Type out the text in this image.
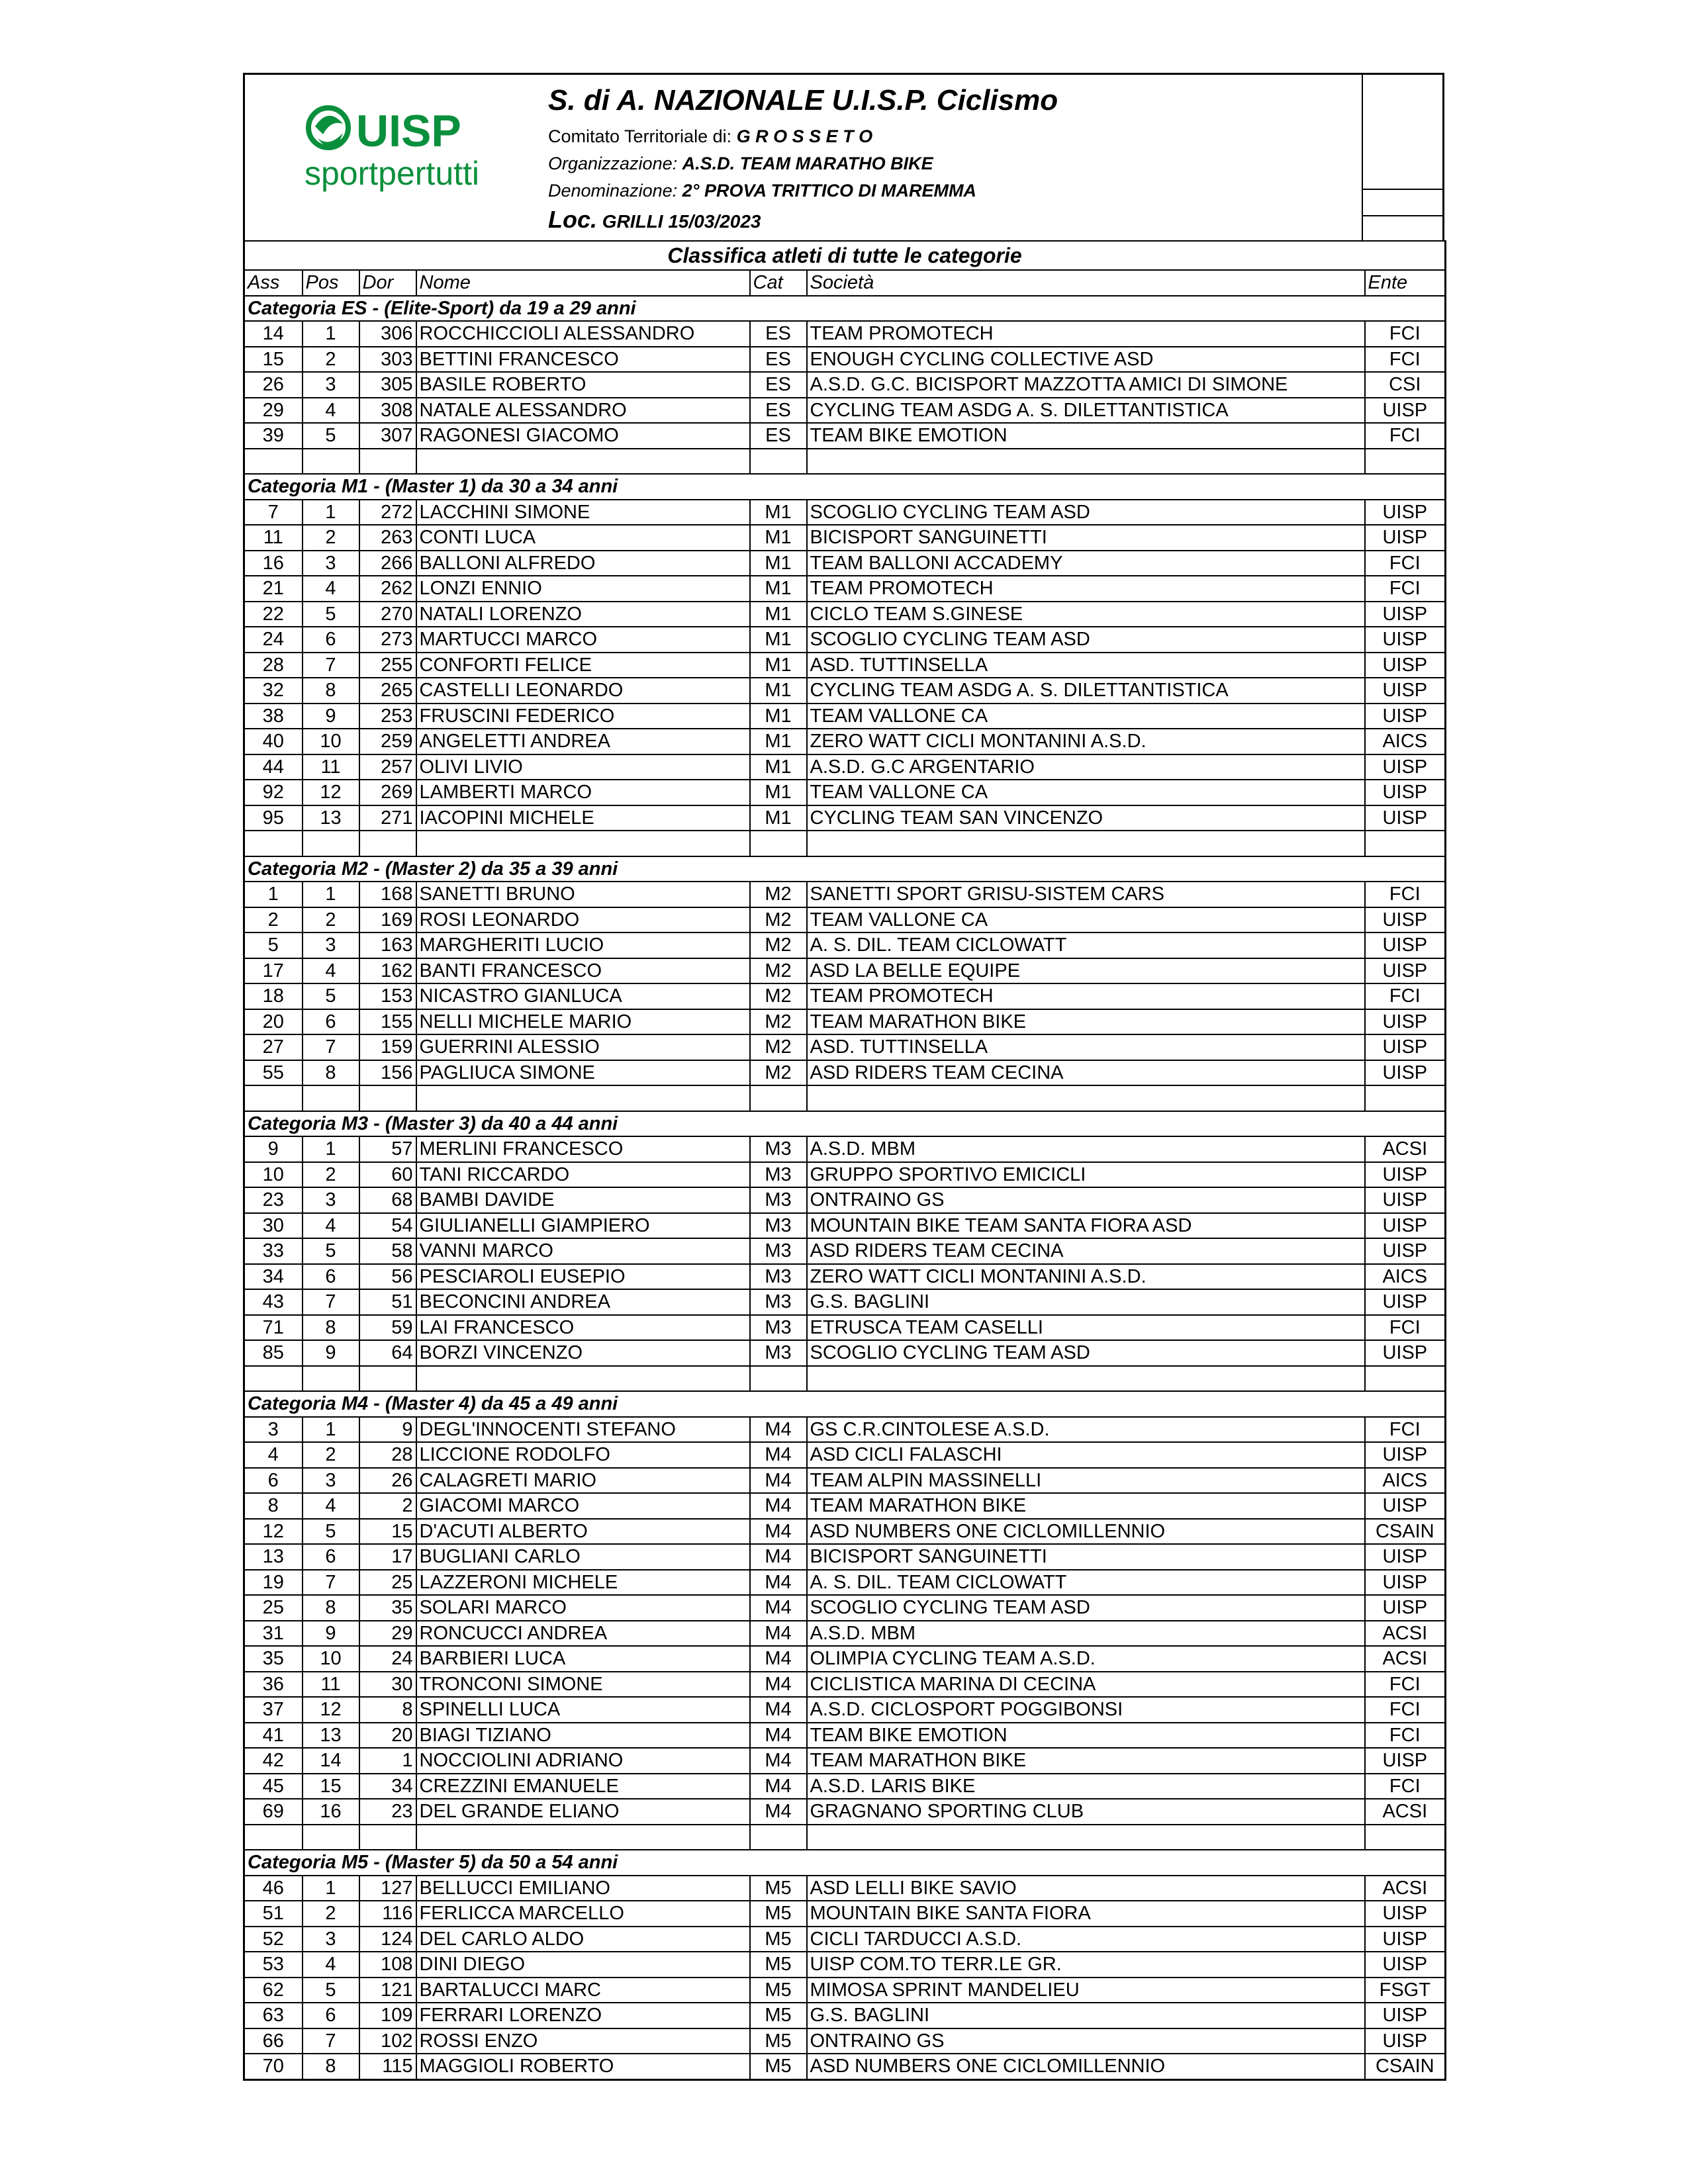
UISP
sportpertutti
S. di A. NAZIONALE U.I.S.P. Ciclismo
Comitato Territoriale di: G R O S S E T O
Organizzazione: A.S.D. TEAM MARATHO BIKE
Denominazione: 2° PROVA TRITTICO DI MAREMMA
Loc. GRILLI 15/03/2023
Classifica atleti di tutte le categorie						
Ass	Pos	Dor	Nome	Cat	Società	Ente
Categoria ES - (Elite-Sport) da 19 a 29 anni						
14	1	306	ROCCHICCIOLI ALESSANDRO	ES	TEAM PROMOTECH	FCI
15	2	303	BETTINI FRANCESCO	ES	ENOUGH CYCLING COLLECTIVE ASD	FCI
26	3	305	BASILE ROBERTO	ES	A.S.D. G.C. BICISPORT MAZZOTTA AMICI DI SIMONE	CSI
29	4	308	NATALE ALESSANDRO	ES	CYCLING TEAM ASDG A. S. DILETTANTISTICA	UISP
39	5	307	RAGONESI GIACOMO	ES	TEAM BIKE EMOTION	FCI

Categoria M1 - (Master 1) da 30 a 34 anni						
7	1	272	LACCHINI SIMONE	M1	SCOGLIO CYCLING TEAM ASD	UISP
11	2	263	CONTI LUCA	M1	BICISPORT SANGUINETTI	UISP
16	3	266	BALLONI ALFREDO	M1	TEAM BALLONI ACCADEMY	FCI
21	4	262	LONZI ENNIO	M1	TEAM PROMOTECH	FCI
22	5	270	NATALI LORENZO	M1	CICLO TEAM S.GINESE	UISP
24	6	273	MARTUCCI MARCO	M1	SCOGLIO CYCLING TEAM ASD	UISP
28	7	255	CONFORTI FELICE	M1	ASD. TUTTINSELLA	UISP
32	8	265	CASTELLI LEONARDO	M1	CYCLING TEAM ASDG A. S. DILETTANTISTICA	UISP
38	9	253	FRUSCINI FEDERICO	M1	TEAM VALLONE CA	UISP
40	10	259	ANGELETTI ANDREA	M1	ZERO WATT CICLI MONTANINI A.S.D.	AICS
44	11	257	OLIVI LIVIO	M1	A.S.D. G.C ARGENTARIO	UISP
92	12	269	LAMBERTI MARCO	M1	TEAM VALLONE CA	UISP
95	13	271	IACOPINI MICHELE	M1	CYCLING TEAM SAN VINCENZO	UISP

Categoria M2 - (Master 2) da 35 a 39 anni						
1	1	168	SANETTI BRUNO	M2	SANETTI SPORT GRISU-SISTEM CARS	FCI
2	2	169	ROSI LEONARDO	M2	TEAM VALLONE CA	UISP
5	3	163	MARGHERITI LUCIO	M2	A. S. DIL. TEAM CICLOWATT	UISP
17	4	162	BANTI FRANCESCO	M2	ASD LA BELLE EQUIPE	UISP
18	5	153	NICASTRO GIANLUCA	M2	TEAM PROMOTECH	FCI
20	6	155	NELLI MICHELE MARIO	M2	TEAM MARATHON BIKE	UISP
27	7	159	GUERRINI ALESSIO	M2	ASD. TUTTINSELLA	UISP
55	8	156	PAGLIUCA SIMONE	M2	ASD RIDERS TEAM CECINA	UISP

Categoria M3 - (Master 3) da 40 a 44 anni						
9	1	57	MERLINI FRANCESCO	M3	A.S.D. MBM	ACSI
10	2	60	TANI RICCARDO	M3	GRUPPO SPORTIVO EMICICLI	UISP
23	3	68	BAMBI DAVIDE	M3	ONTRAINO GS	UISP
30	4	54	GIULIANELLI GIAMPIERO	M3	MOUNTAIN BIKE TEAM SANTA FIORA ASD	UISP
33	5	58	VANNI MARCO	M3	ASD RIDERS TEAM CECINA	UISP
34	6	56	PESCIAROLI EUSEPIO	M3	ZERO WATT CICLI MONTANINI A.S.D.	AICS
43	7	51	BECONCINI ANDREA	M3	G.S. BAGLINI	UISP
71	8	59	LAI FRANCESCO	M3	ETRUSCA TEAM CASELLI	FCI
85	9	64	BORZI VINCENZO	M3	SCOGLIO CYCLING TEAM ASD	UISP

Categoria M4 - (Master 4) da 45 a 49 anni						
3	1	9	DEGL'INNOCENTI STEFANO	M4	GS C.R.CINTOLESE A.S.D.	FCI
4	2	28	LICCIONE RODOLFO	M4	ASD CICLI FALASCHI	UISP
6	3	26	CALAGRETI MARIO	M4	TEAM ALPIN MASSINELLI	AICS
8	4	2	GIACOMI MARCO	M4	TEAM MARATHON BIKE	UISP
12	5	15	D'ACUTI ALBERTO	M4	ASD NUMBERS ONE CICLOMILLENNIO	CSAIN
13	6	17	BUGLIANI CARLO	M4	BICISPORT SANGUINETTI	UISP
19	7	25	LAZZERONI MICHELE	M4	A. S. DIL. TEAM CICLOWATT	UISP
25	8	35	SOLARI MARCO	M4	SCOGLIO CYCLING TEAM ASD	UISP
31	9	29	RONCUCCI ANDREA	M4	A.S.D. MBM	ACSI
35	10	24	BARBIERI LUCA	M4	OLIMPIA CYCLING TEAM A.S.D.	ACSI
36	11	30	TRONCONI SIMONE	M4	CICLISTICA MARINA DI CECINA	FCI
37	12	8	SPINELLI LUCA	M4	A.S.D. CICLOSPORT POGGIBONSI	FCI
41	13	20	BIAGI TIZIANO	M4	TEAM BIKE EMOTION	FCI
42	14	1	NOCCIOLINI ADRIANO	M4	TEAM MARATHON BIKE	UISP
45	15	34	CREZZINI EMANUELE	M4	A.S.D. LARIS BIKE	FCI
69	16	23	DEL GRANDE ELIANO	M4	GRAGNANO SPORTING CLUB	ACSI

Categoria M5 - (Master 5) da 50 a 54 anni						
46	1	127	BELLUCCI EMILIANO	M5	ASD LELLI BIKE SAVIO	ACSI
51	2	116	FERLICCA MARCELLO	M5	MOUNTAIN BIKE SANTA FIORA	UISP
52	3	124	DEL CARLO ALDO	M5	CICLI TARDUCCI A.S.D.	UISP
53	4	108	DINI DIEGO	M5	UISP COM.TO TERR.LE GR.	UISP
62	5	121	BARTALUCCI MARC	M5	MIMOSA SPRINT MANDELIEU	FSGT
63	6	109	FERRARI LORENZO	M5	G.S. BAGLINI	UISP
66	7	102	ROSSI ENZO	M5	ONTRAINO GS	UISP
70	8	115	MAGGIOLI ROBERTO	M5	ASD NUMBERS ONE CICLOMILLENNIO	CSAIN
